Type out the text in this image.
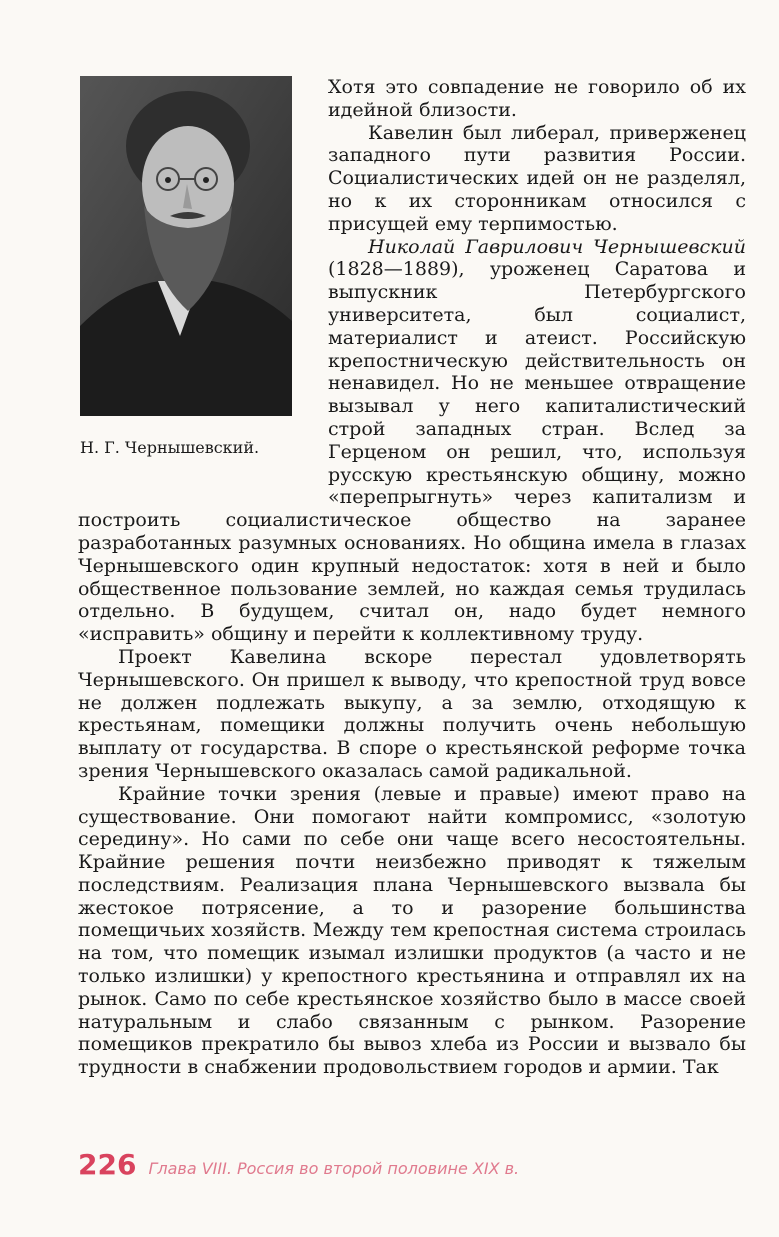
Н. Г. Чернышевский.

Хотя это совпадение не говорило об их идейной близости.

Кавелин был либерал, приверженец западного пути развития России. Социалистических идей он не разделял, но к их сторонникам относился с присущей ему терпимостью.

Николай Гаврилович Чернышевский (1828—1889), уроженец Саратова и выпускник Петербургского университета, был социалист, материалист и атеист. Российскую крепостническую действительность он ненавидел. Но не меньшее отвращение вызывал у него капиталистический строй западных стран. Вслед за Герценом он решил, что, используя русскую крестьянскую общину, можно «перепрыгнуть» через капитализм и построить социалистическое общество на заранее разработанных разумных основаниях. Но община имела в глазах Чернышевского один крупный недостаток: хотя в ней и было общественное пользование землей, но каждая семья трудилась отдельно. В будущем, считал он, надо будет немного «исправить» общину и перейти к коллективному труду.

Проект Кавелина вскоре перестал удовлетворять Чернышевского. Он пришел к выводу, что крепостной труд вовсе не должен подлежать выкупу, а за землю, отходящую к крестьянам, помещики должны получить очень небольшую выплату от государства. В споре о крестьянской реформе точка зрения Чернышевского оказалась самой радикальной.

Крайние точки зрения (левые и правые) имеют право на существование. Они помогают найти компромисс, «золотую середину». Но сами по себе они чаще всего несостоятельны. Крайние решения почти неизбежно приводят к тяжелым последствиям. Реализация плана Чернышевского вызвала бы жестокое потрясение, а то и разорение большинства помещичьих хозяйств. Между тем крепостная система строилась на том, что помещик изымал излишки продуктов (а часто и не только излишки) у крепостного крестьянина и отправлял их на рынок. Само по себе крестьянское хозяйство было в массе своей натуральным и слабо связанным с рынком. Разорение помещиков прекратило бы вывоз хлеба из России и вызвало бы трудности в снабжении продовольствием городов и армии. Так

226 Глава VIII. Россия во второй половине XIX в.
